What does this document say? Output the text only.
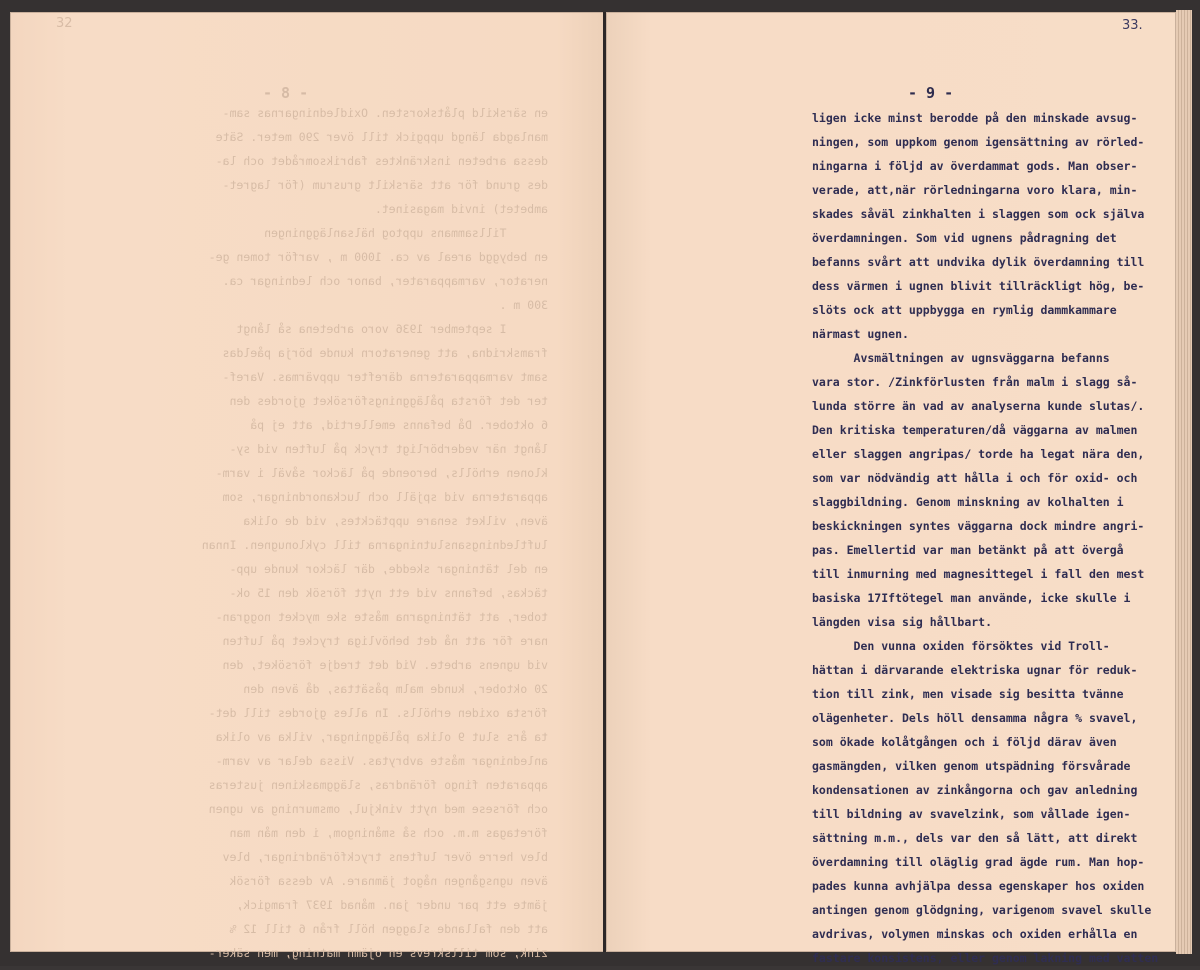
32	33.
- 8 -	- 9 -
en särskild plåtskorsten. Oxidledningarnas sam-
manlagda längd uppgick till över 290 meter. Säte
dessa arbeten inskränktes fabriksområdet och la-
des grund för att särskilt grusrum (för lagret-
ambetet) invid magasinet.
Tillsammans upptog hälsanläggningen
en bebyggd areal av ca. 1000 m , varför tomen ge-
nerator, varmapparater, banor och ledningar ca.
300 m .
I september 1936 voro arbetena så långt
framskridna, att generatorn kunde börja påeldas
samt varmapparaterna därefter uppvärmas. Varef-
ter det första påläggningsförsöket gjordes den
6 oktober. Då befanns emellertid, att ej på
långt när vederbörligt tryck på luften vid sy-
klonen erhölls, beroende på läckor såväl i varm-
apparaterna vid spjäll och luckanordningar, som
även, vilket senare upptäcktes, vid de olika
luftledningsanslutningarna till cyklonugnen. Innan
en del tätningar skedde, där läckor kunde upp-
täckas, befanns vid ett nytt försök den 15 ok-
tober, att tätningarna måste ske mycket noggran-
nare för att nå det behövliga trycket på luften
vid ugnens arbete. Vid det tredje försöket, den
20 oktober, kunde malm påsättas, då även den
första oxiden erhölls. In alles gjordes till det-
ta års slut 9 olika påläggningar, vilka av olika
anledningar måste avbrytas. Vissa delar av varm-
apparaten fingo förändras, släggmaskinen justeras
och försese med nytt vinkjul, omsmurning av ugnen
företagas m.m. och så småningom, i den mån man
blev herre över luftens tryckförändringar, blev
även ugnsgången något jämnare. Av dessa försök
jämte ett par under jan. månad 1937 framgick,
att den fallande slaggen höll från 6 till 12 %
zink, som tillskrevs en ojämn matning, men säker-
ligen icke minst berodde på den minskade avsug-
ningen, som uppkom genom igensättning av rörled-
ningarna i följd av överdammat gods. Man obser-
verade, att,när rörledningarna voro klara, min-
skades såväl zinkhalten i slaggen som ock själva
överdamningen. Som vid ugnens pådragning det
befanns svårt att undvika dylik överdamning till
dess värmen i ugnen blivit tillräckligt hög, be-
slöts ock att uppbygga en rymlig dammkammare
närmast ugnen.
Avsmältningen av ugnsväggarna befanns
vara stor. /Zinkförlusten från malm i slagg så-
lunda större än vad av analyserna kunde slutas/.
Den kritiska temperaturen/då väggarna av malmen
eller slaggen angripas/ torde ha legat nära den,
som var nödvändig att hålla i och för oxid- och
slaggbildning. Genom minskning av kolhalten i
beskickningen syntes väggarna dock mindre angri-
pas. Emellertid var man betänkt på att övergå
till inmurning med magnesittegel i fall den mest
basiska 17Iftötegel man använde, icke skulle i
längden visa sig hållbart.
Den vunna oxiden försöktes vid Troll-
hättan i därvarande elektriska ugnar för reduk-
tion till zink, men visade sig besitta tvänne
olägenheter. Dels höll densamma några % svavel,
som ökade kolåtgången och i följd därav även
gasmängden, vilken genom utspädning försvårade
kondensationen av zinkångorna och gav anledning
till bildning av svavelzink, som vållade igen-
sättning m.m., dels var den så lätt, att direkt
överdamning till oläglig grad ägde rum. Man hop-
pades kunna avhjälpa dessa egenskaper hos oxiden
antingen genom glödgning, varigenom svavel skulle
avdrivas, volymen minskas och oxiden erhålla en
fastare konsistens, eller genom lakning med vatten
